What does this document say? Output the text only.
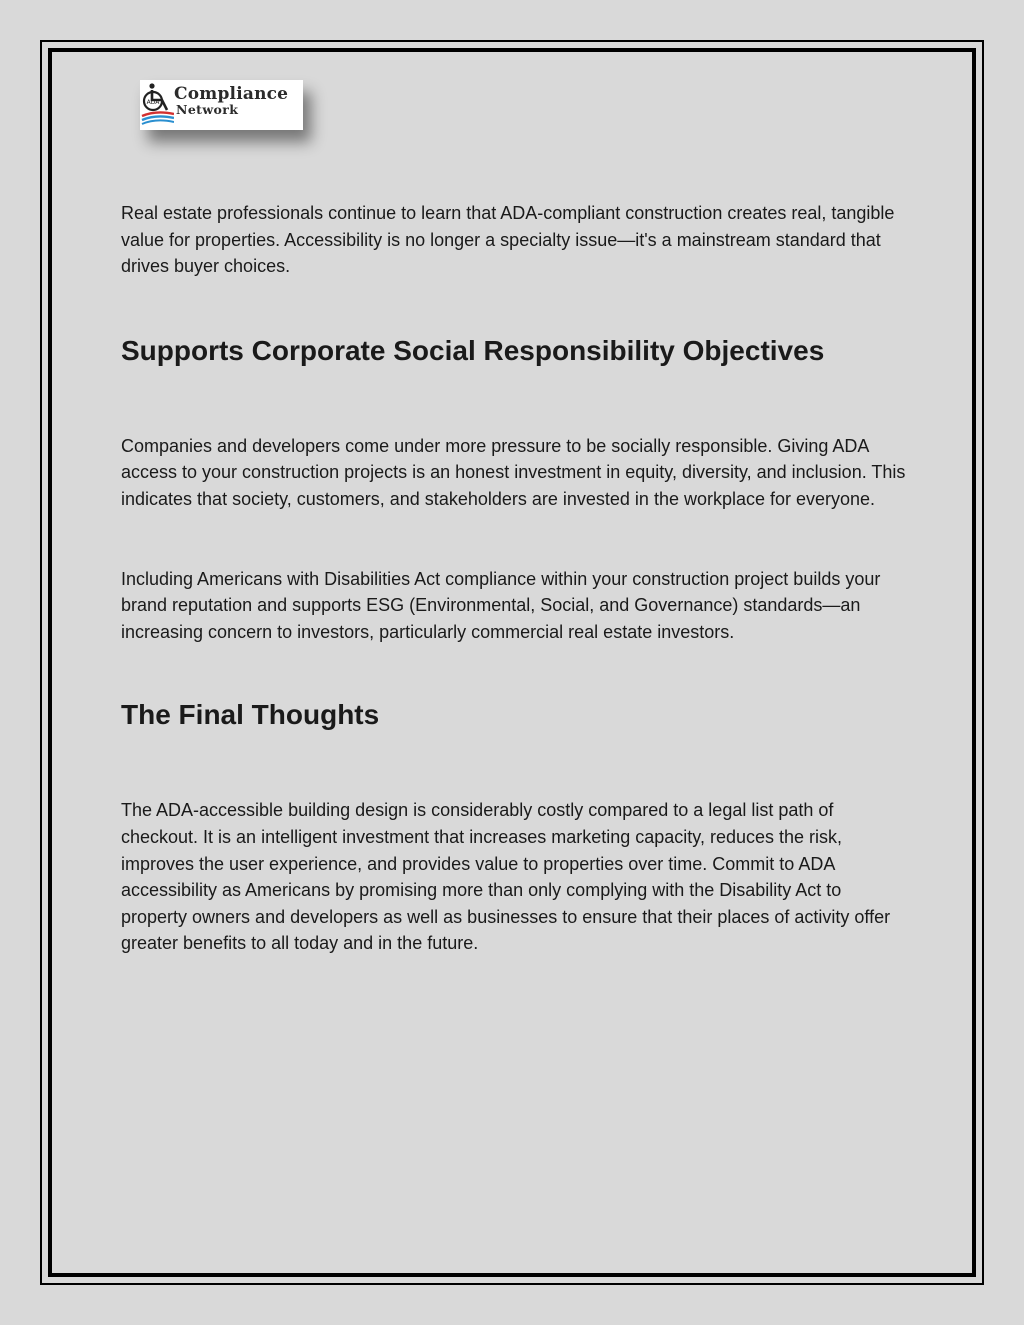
ADA Compliance
Network

Real estate professionals continue to learn that ADA-compliant construction creates real, tangible value for properties. Accessibility is no longer a specialty issue—it's a mainstream standard that drives buyer choices.

Supports Corporate Social Responsibility Objectives

Companies and developers come under more pressure to be socially responsible. Giving ADA access to your construction projects is an honest investment in equity, diversity, and inclusion. This indicates that society, customers, and stakeholders are invested in the workplace for everyone.

Including Americans with Disabilities Act compliance within your construction project builds your brand reputation and supports ESG (Environmental, Social, and Governance) standards—an increasing concern to investors, particularly commercial real estate investors.

The Final Thoughts

The ADA-accessible building design is considerably costly compared to a legal list path of checkout. It is an intelligent investment that increases marketing capacity, reduces the risk, improves the user experience, and provides value to properties over time. Commit to ADA accessibility as Americans by promising more than only complying with the Disability Act to property owners and developers as well as businesses to ensure that their places of activity offer greater benefits to all today and in the future.
